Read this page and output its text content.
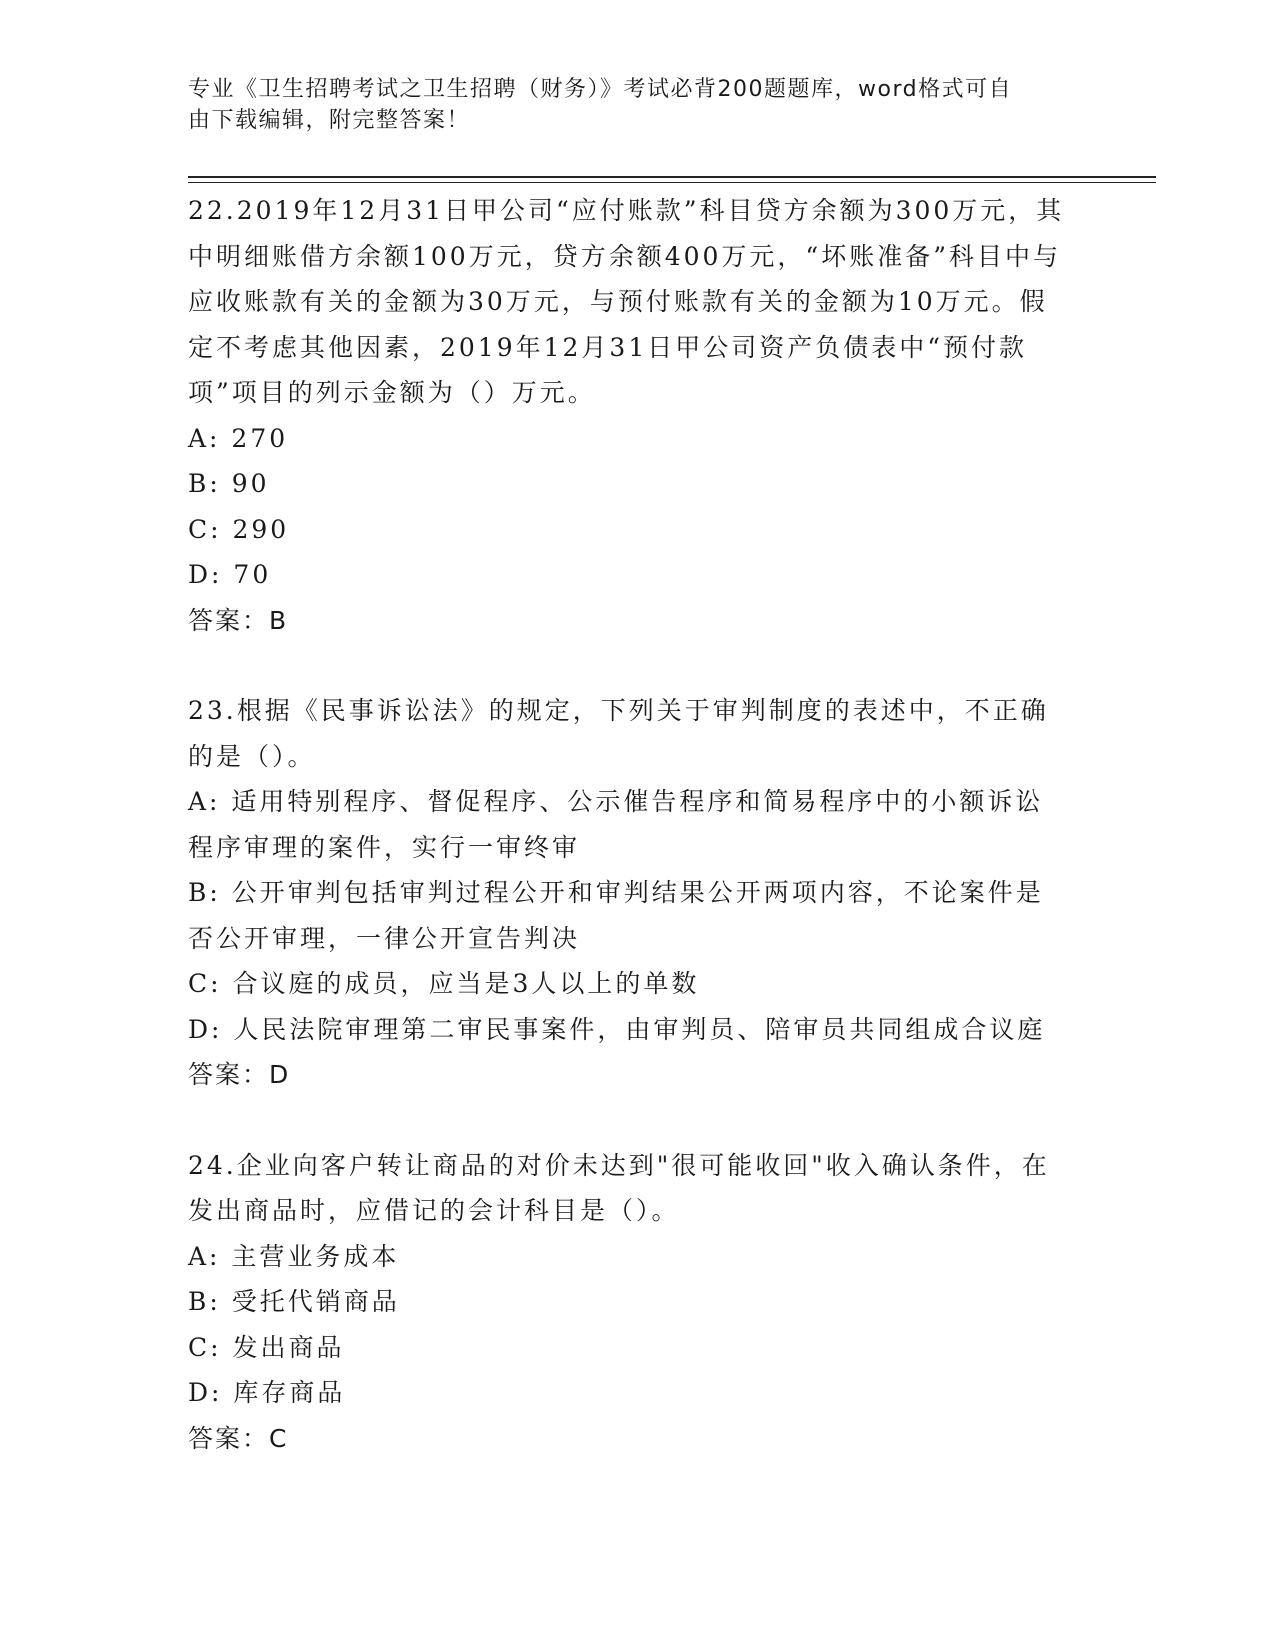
专业《卫生招聘考试之卫生招聘（财务）》考试必背200题题库，word格式可自
由下载编辑，附完整答案！

22.2019年12月31日甲公司“应付账款”科目贷方余额为300万元，其中明细账借方余额100万元，贷方余额400万元，“坏账准备”科目中与应收账款有关的金额为30万元，与预付账款有关的金额为10万元。假定不考虑其他因素，2019年12月31日甲公司资产负债表中“预付款项”项目的列示金额为（）万元。

A: 270

B: 90

C: 290

D: 70

答案：B

23.根据《民事诉讼法》的规定，下列关于审判制度的表述中，不正确的是（）。

A: 适用特别程序、督促程序、公示催告程序和简易程序中的小额诉讼程序审理的案件，实行一审终审

B: 公开审判包括审判过程公开和审判结果公开两项内容，不论案件是否公开审理，一律公开宣告判决

C: 合议庭的成员，应当是3人以上的单数

D: 人民法院审理第二审民事案件，由审判员、陪审员共同组成合议庭

答案：D

24.企业向客户转让商品的对价未达到"很可能收回"收入确认条件，在发出商品时，应借记的会计科目是（）。

A: 主营业务成本

B: 受托代销商品

C: 发出商品

D: 库存商品

答案：C
